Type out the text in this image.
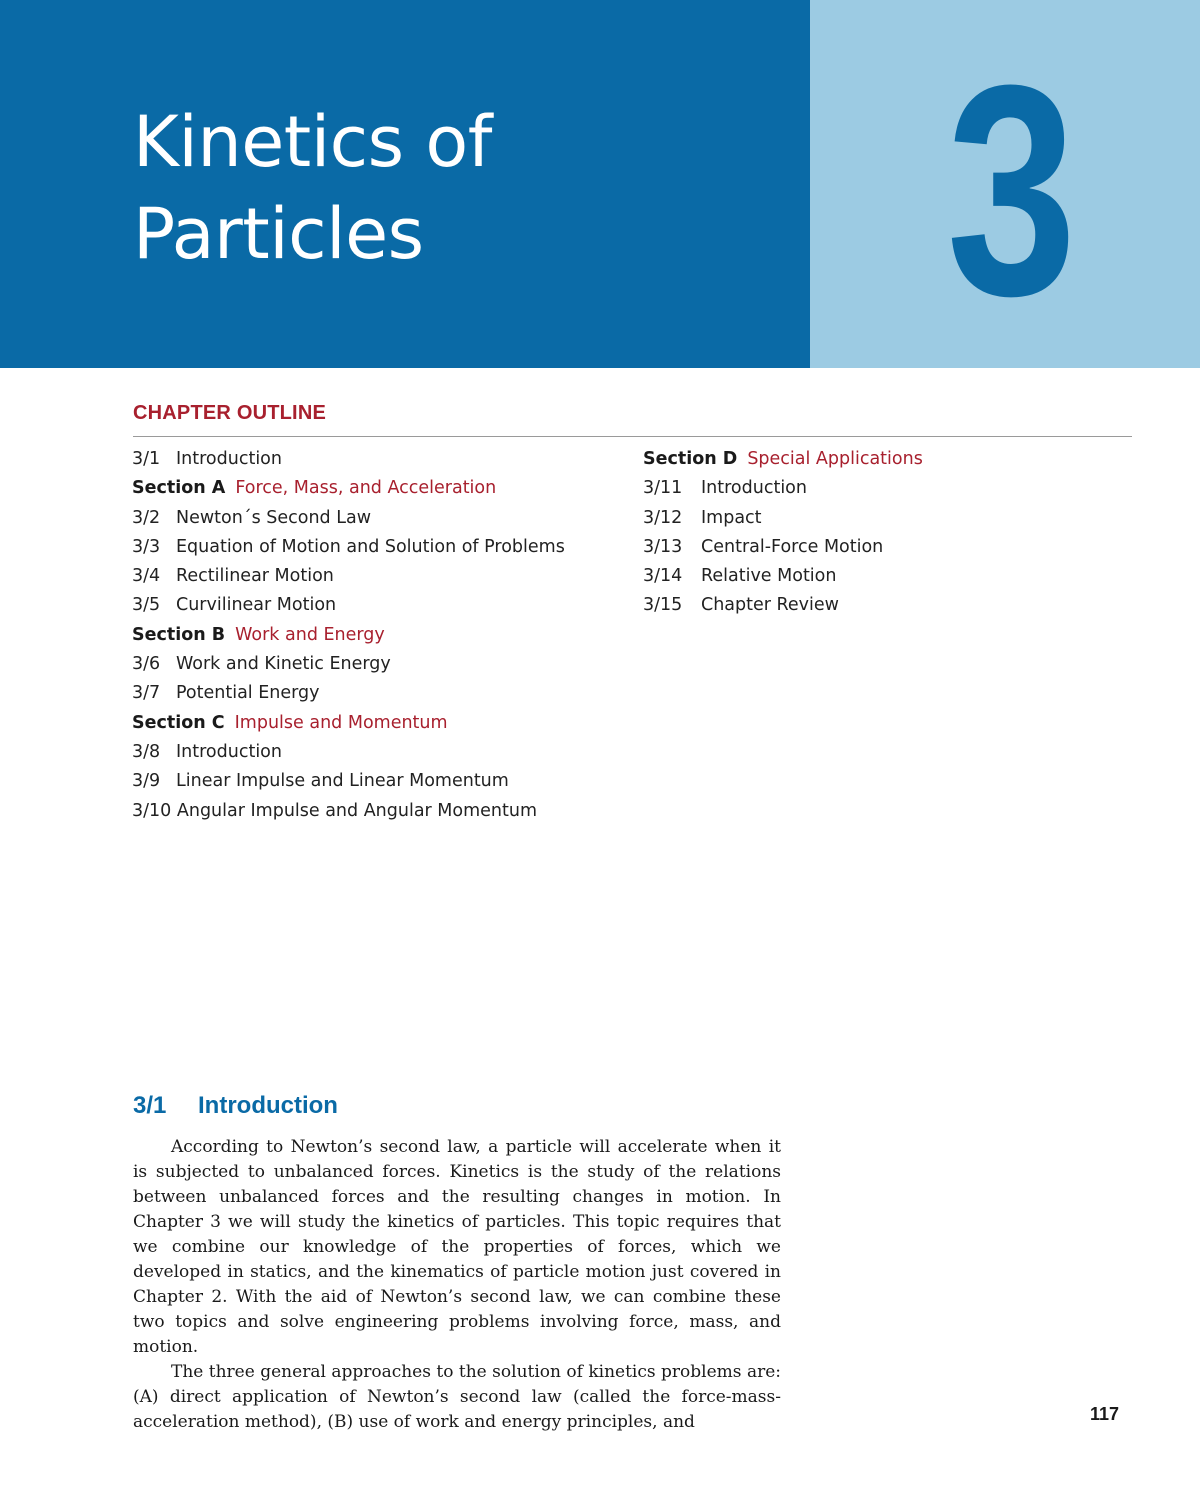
Kinetics of
Particles 3
CHAPTER OUTLINE
3/1 Introduction
Section A Force, Mass, and Acceleration
3/2 Newton´s Second Law
3/3 Equation of Motion and Solution of Problems
3/4 Rectilinear Motion
3/5 Curvilinear Motion
Section B Work and Energy
3/6 Work and Kinetic Energy
3/7 Potential Energy
Section C Impulse and Momentum
3/8 Introduction
3/9 Linear Impulse and Linear Momentum
3/10 Angular Impulse and Angular Momentum
Section D Special Applications
3/11 Introduction
3/12 Impact
3/13 Central-Force Motion
3/14 Relative Motion
3/15 Chapter Review
3/1 Introduction

According to Newton’s second law, a particle will accelerate when it is subjected to unbalanced forces. Kinetics is the study of the relations between unbalanced forces and the resulting changes in motion. In Chapter 3 we will study the kinetics of particles. This topic requires that we combine our knowledge of the properties of forces, which we developed in statics, and the kinematics of particle motion just covered in Chapter 2. With the aid of Newton’s second law, we can combine these two topics and solve engineering problems involving force, mass, and motion.

The three general approaches to the solution of kinetics problems are: (A) direct application of Newton’s second law (called the force-mass-acceleration method), (B) use of work and energy principles, and	117
